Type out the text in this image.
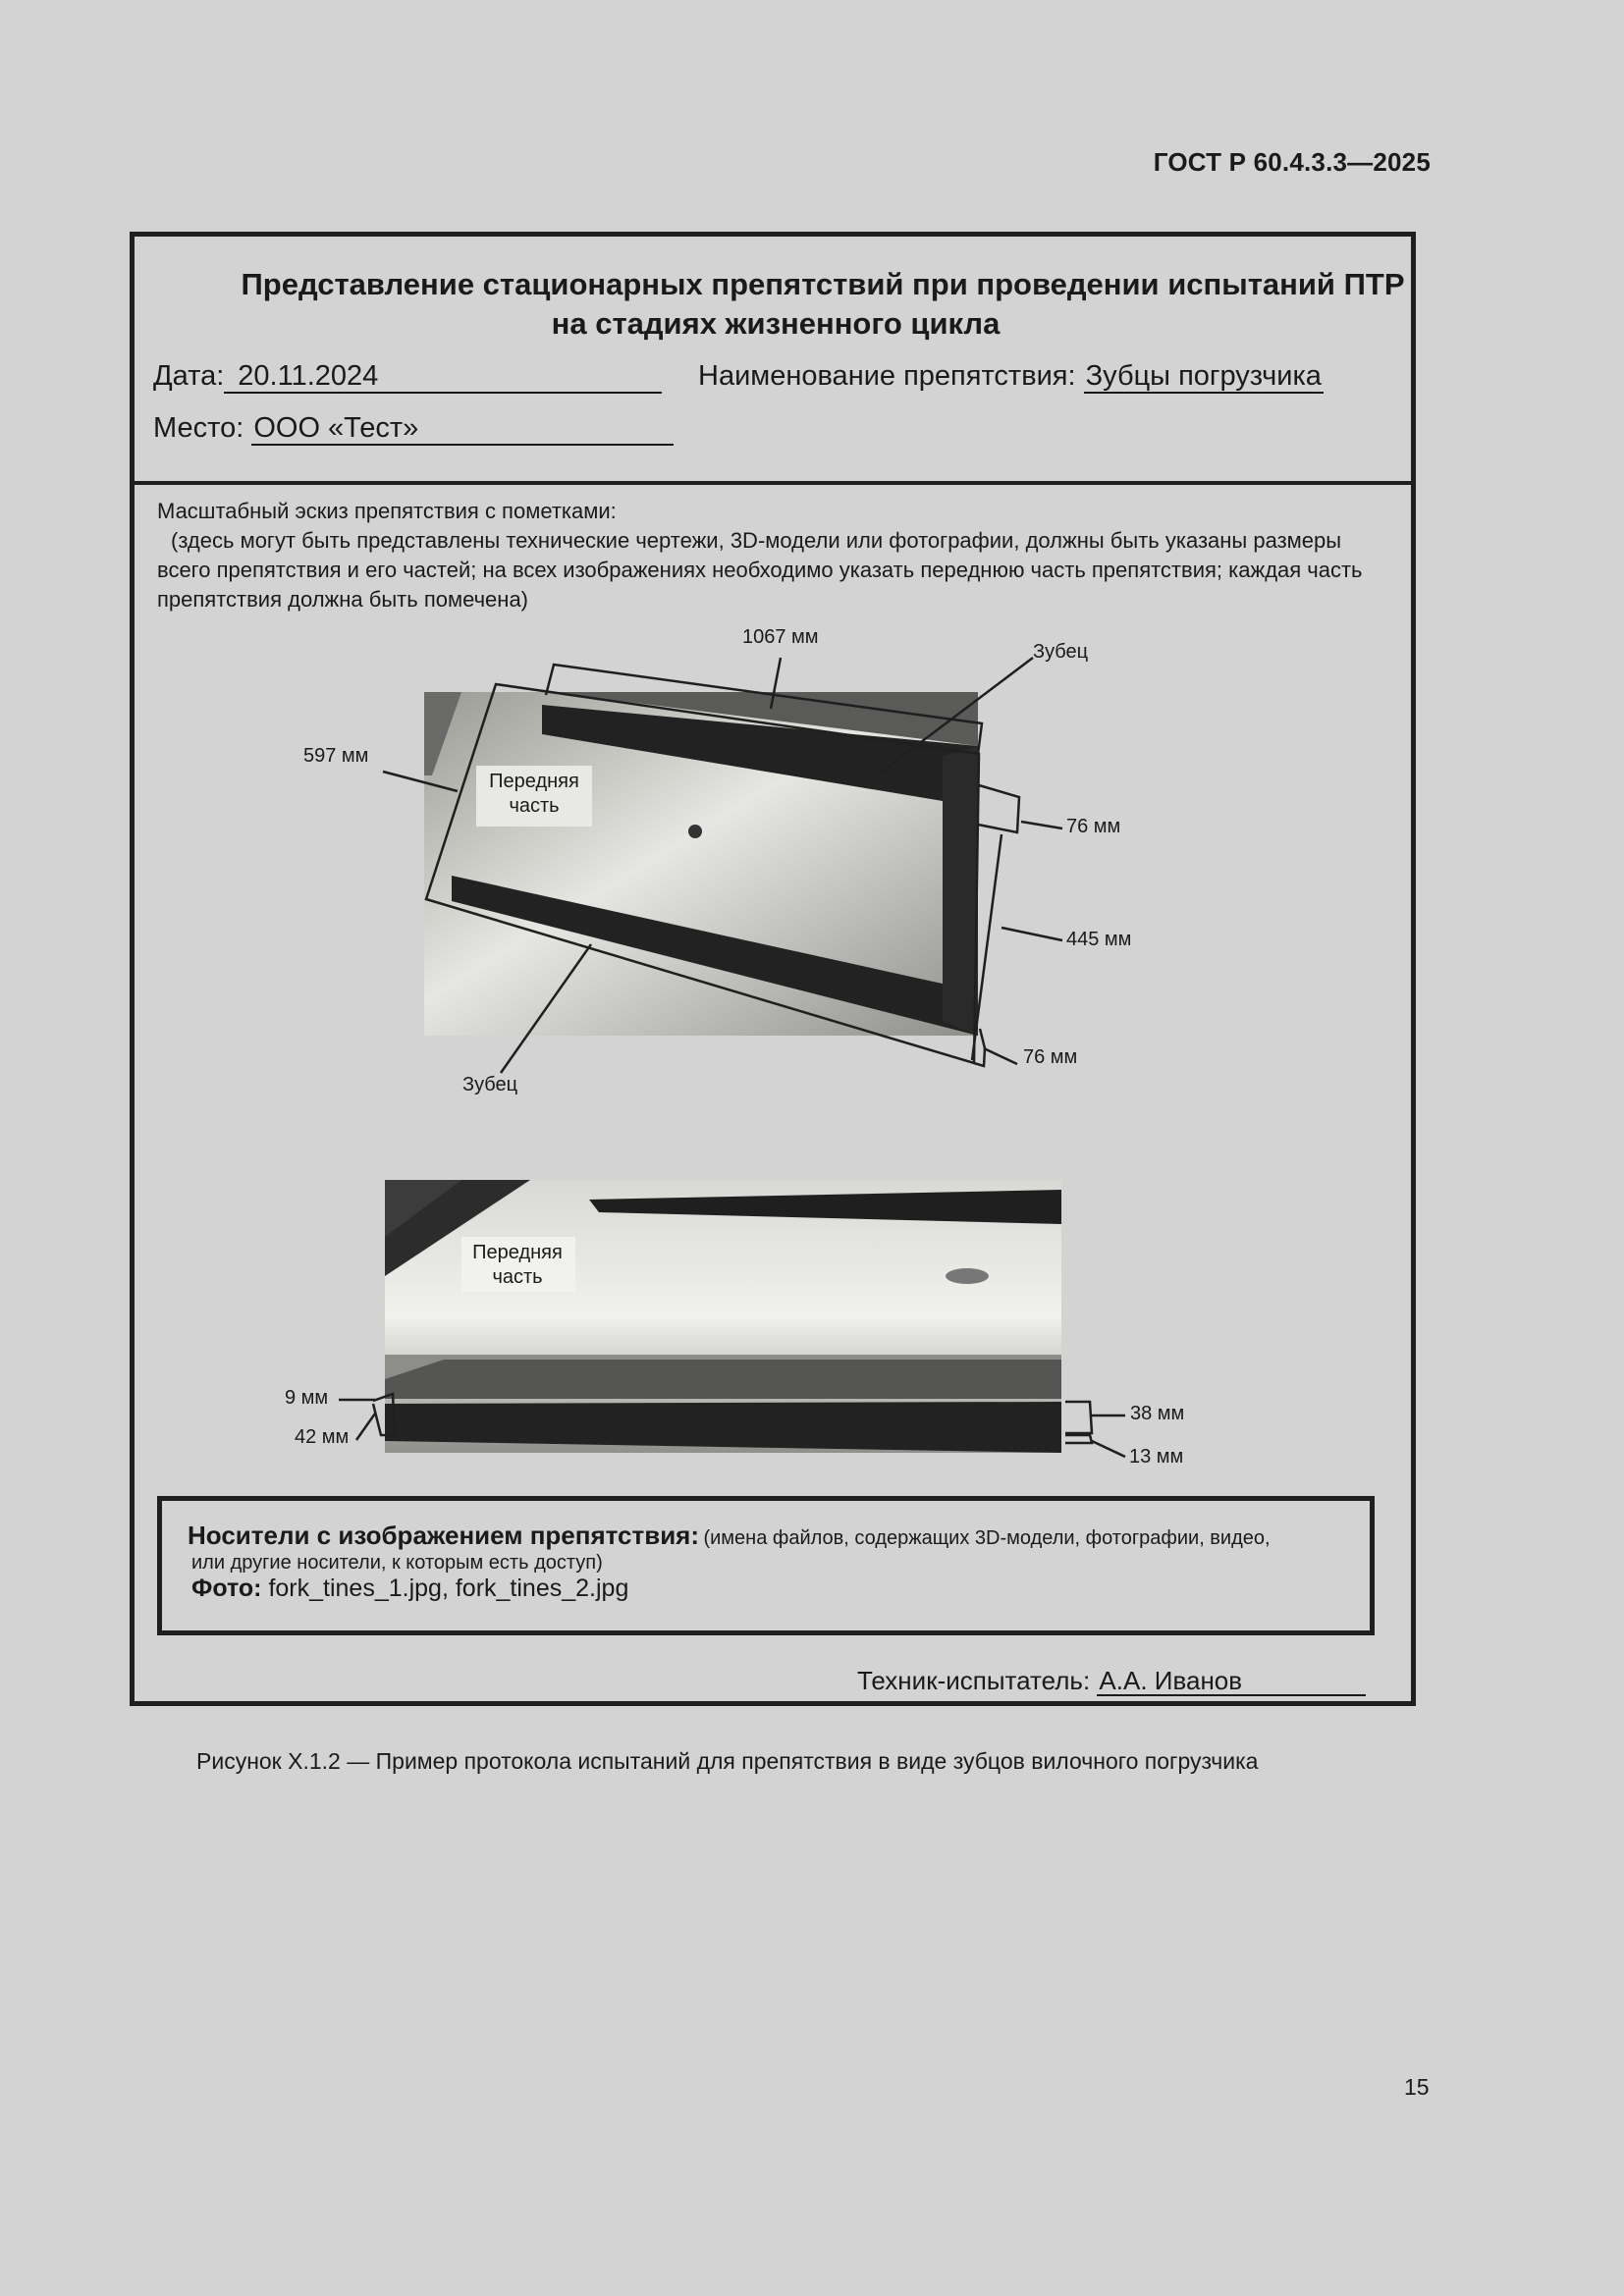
ГОСТ Р 60.4.3.3—2025
Представление стационарных препятствий при проведении испытаний ПТР
на стадиях жизненного цикла
Дата: 20.11.2024	Наименование препятствия: Зубцы погрузчика
Место: ООО «Тест»
Масштабный эскиз препятствия с пометками:
(здесь могут быть представлены технические чертежи, 3D-модели или фотографии, должны быть указаны размеры всего препятствия и его частей; на всех изображениях необходимо указать переднюю часть препятствия; каждая часть препятствия должна быть помечена)
1067 мм
Зубец
597 мм
Передняя
часть
76 мм
445 мм
76 мм
Зубец
Передняя
часть
9 мм
42 мм
38 мм
13 мм
Носители с изображением препятствия: (имена файлов, содержащих 3D-модели, фотографии, видео,
или другие носители, к которым есть доступ)
Фото: fork_tines_1.jpg, fork_tines_2.jpg
Техник-испытатель: А.А. Иванов
Рисунок Х.1.2 — Пример протокола испытаний для препятствия в виде зубцов вилочного погрузчика
15
